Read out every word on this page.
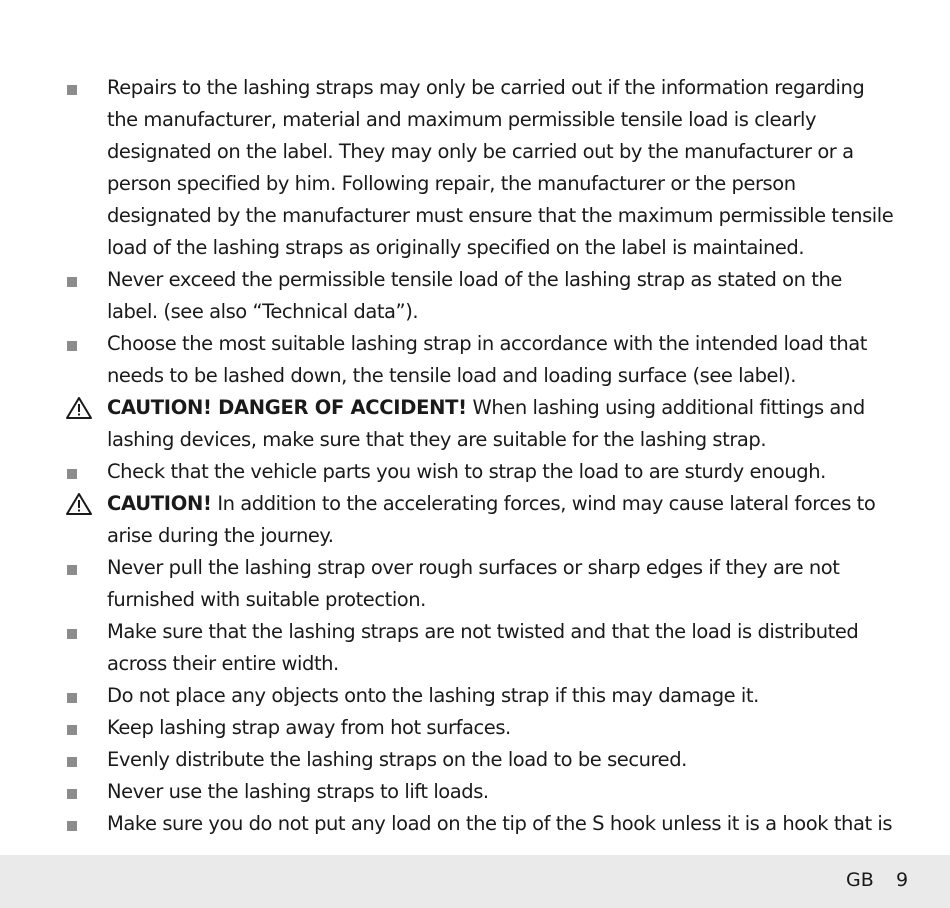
Repairs to the lashing straps may only be carried out if the information regarding the manufacturer, material and maximum permissible tensile load is clearly designated on the label. They may only be carried out by the manufacturer or a person specified by him. Following repair, the manufacturer or the person designated by the manufacturer must ensure that the maximum permissible tensile load of the lashing straps as originally specified on the label is maintained.
Never exceed the permissible tensile load of the lashing strap as stated on the label. (see also “Technical data”).
Choose the most suitable lashing strap in accordance with the intended load that needs to be lashed down, the tensile load and loading surface (see label).
CAUTION! DANGER OF ACCIDENT! When lashing using additional fittings and lashing devices, make sure that they are suitable for the lashing strap.
Check that the vehicle parts you wish to strap the load to are sturdy enough.
CAUTION! In addition to the accelerating forces, wind may cause lateral forces to arise during the journey.
Never pull the lashing strap over rough surfaces or sharp edges if they are not furnished with suitable protection.
Make sure that the lashing straps are not twisted and that the load is distributed across their entire width.
Do not place any objects onto the lashing strap if this may damage it.
Keep lashing strap away from hot surfaces.
Evenly distribute the lashing straps on the load to be secured.
Never use the lashing straps to lift loads.
Make sure you do not put any load on the tip of the S hook unless it is a hook that is
GB 9
